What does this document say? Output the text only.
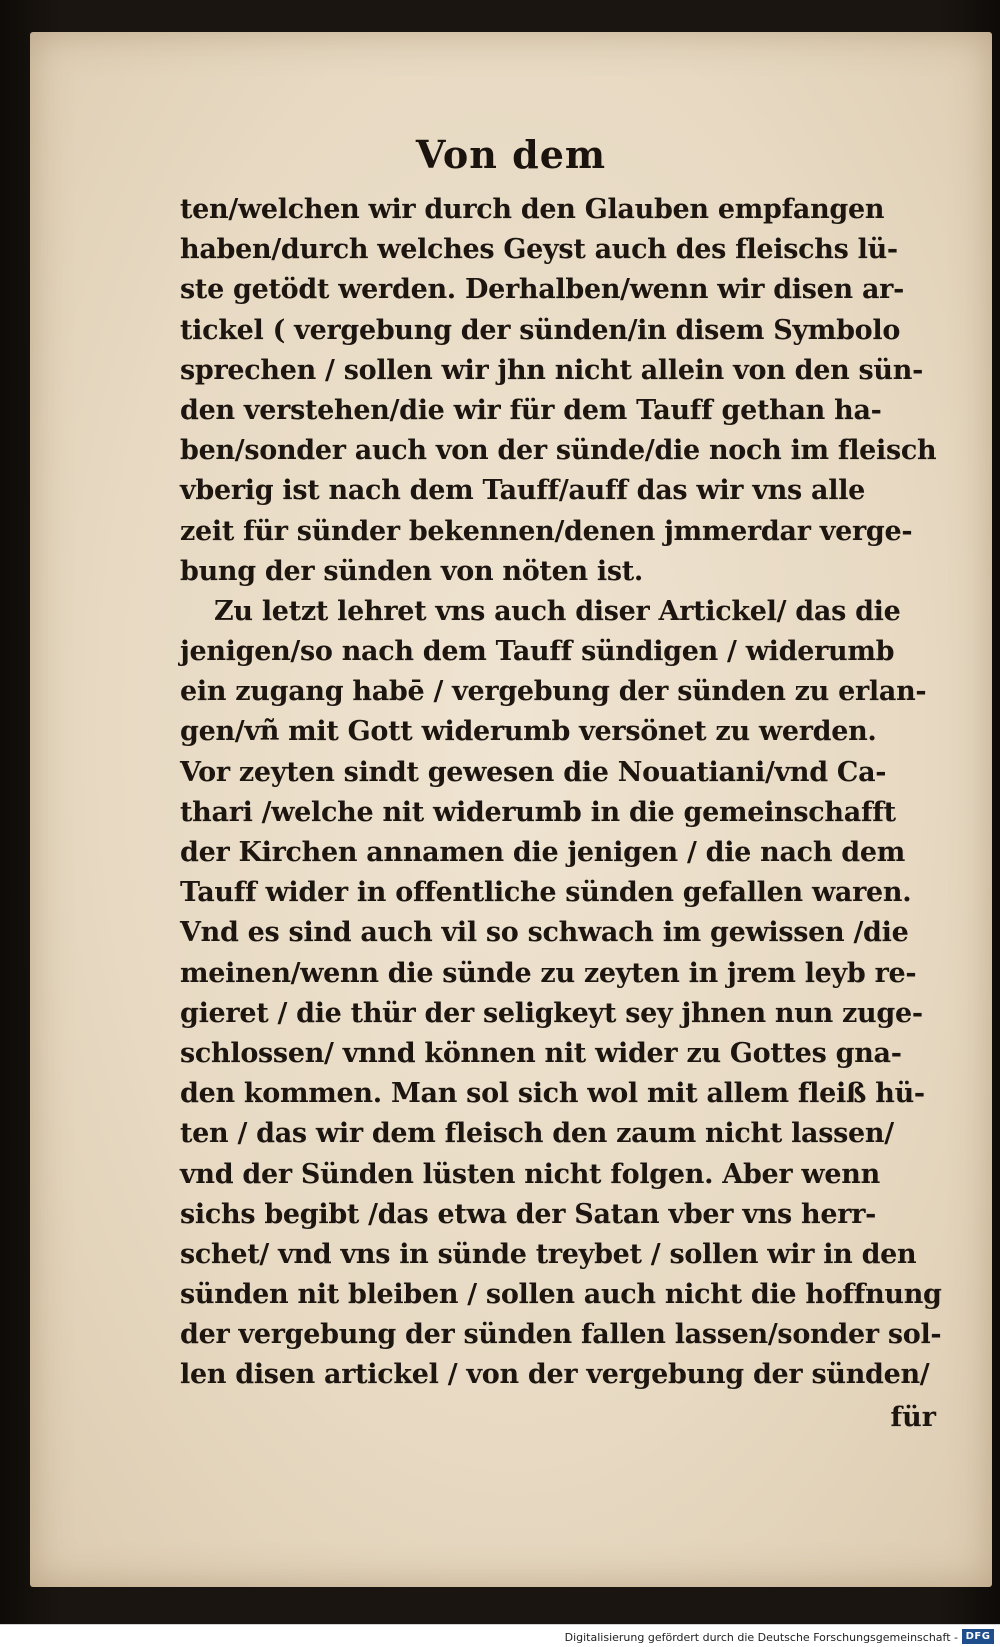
Von dem
ten/welchen wir durch den Glauben empfangen
haben/durch welches Geyst auch des fleischs lü-
ste getödt werden. Derhalben/wenn wir disen ar-
tickel ( vergebung der sünden/in disem Symbolo
sprechen / sollen wir jhn nicht allein von den sün-
den verstehen/die wir für dem Tauff gethan ha-
ben/sonder auch von der sünde/die noch im fleisch
vberig ist nach dem Tauff/auff das wir vns alle
zeit für sünder bekennen/denen jmmerdar verge-
bung der sünden von nöten ist.
Zu letzt lehret vns auch diser Artickel/ das die
jenigen/so nach dem Tauff sündigen / widerumb
ein zugang habē / vergebung der sünden zu erlan-
gen/vñ mit Gott widerumb versönet zu werden.
Vor zeyten sindt gewesen die Nouatiani/vnd Ca-
thari /welche nit widerumb in die gemeinschafft
der Kirchen annamen die jenigen / die nach dem
Tauff wider in offentliche sünden gefallen waren.
Vnd es sind auch vil so schwach im gewissen /die
meinen/wenn die sünde zu zeyten in jrem leyb re-
gieret / die thür der seligkeyt sey jhnen nun zuge-
schlossen/ vnnd können nit wider zu Gottes gna-
den kommen. Man sol sich wol mit allem fleiß hü-
ten / das wir dem fleisch den zaum nicht lassen/
vnd der Sünden lüsten nicht folgen. Aber wenn
sichs begibt /das etwa der Satan vber vns herr-
schet/ vnd vns in sünde treybet / sollen wir in den
sünden nit bleiben / sollen auch nicht die hoffnung
der vergebung der sünden fallen lassen/sonder sol-
len disen artickel / von der vergebung der sünden/
für
Digitalisierung gefördert durch die Deutsche Forschungsgemeinschaft - DFG
